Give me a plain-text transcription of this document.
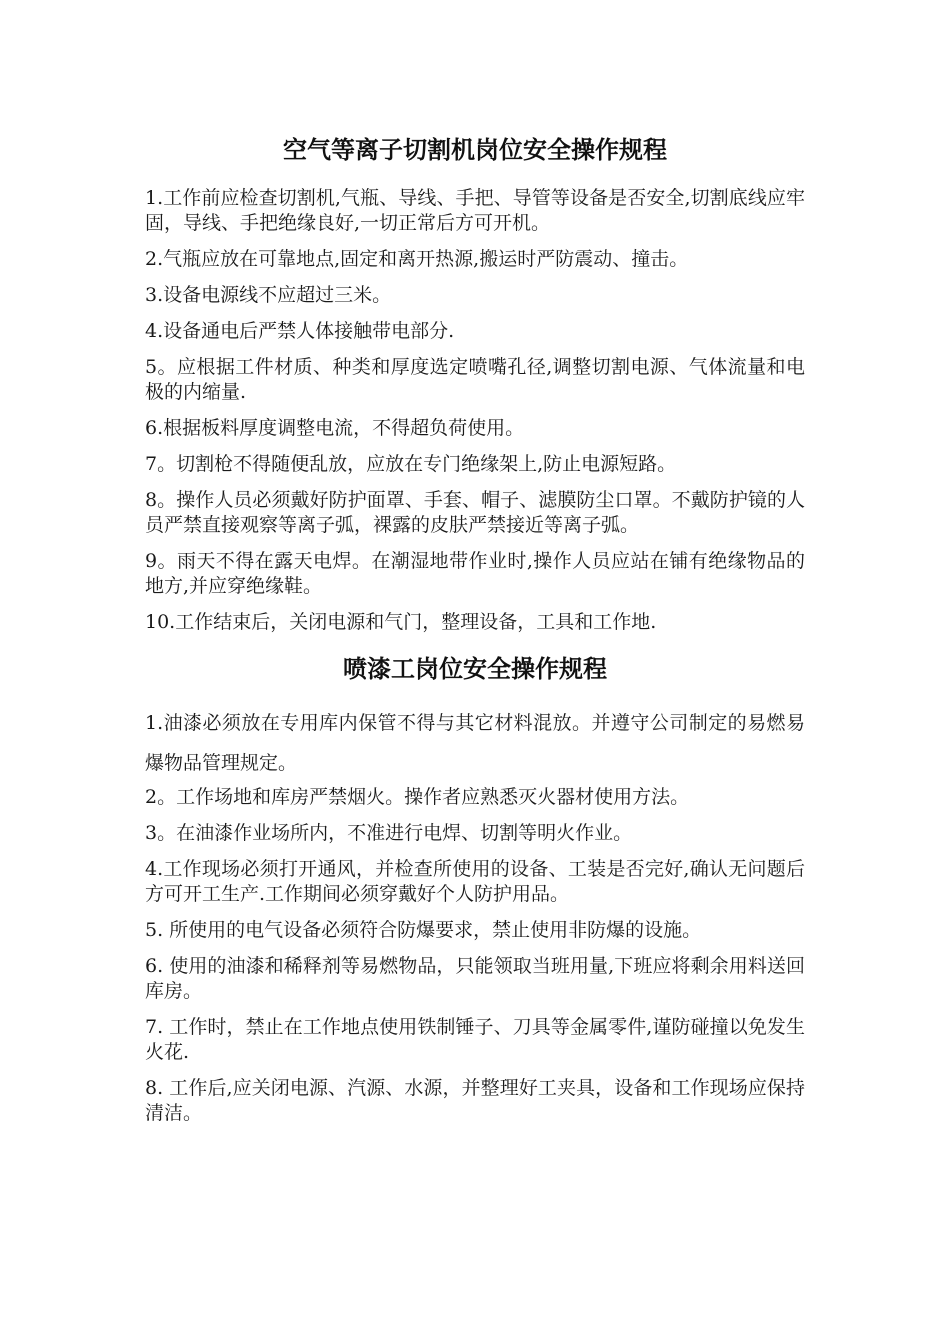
空气等离子切割机岗位安全操作规程

1.工作前应检查切割机,气瓶、导线、手把、导管等设备是否安全,切割底线应牢固，导线、手把绝缘良好,一切正常后方可开机。

2.气瓶应放在可靠地点,固定和离开热源,搬运时严防震动、撞击。

3.设备电源线不应超过三米。

4.设备通电后严禁人体接触带电部分.

5。应根据工件材质、种类和厚度选定喷嘴孔径,调整切割电源、气体流量和电极的内缩量.

6.根据板料厚度调整电流，不得超负荷使用。

7。切割枪不得随便乱放，应放在专门绝缘架上,防止电源短路。

8。操作人员必须戴好防护面罩、手套、帽子、滤膜防尘口罩。不戴防护镜的人员严禁直接观察等离子弧，裸露的皮肤严禁接近等离子弧。

9。雨天不得在露天电焊。在潮湿地带作业时,操作人员应站在铺有绝缘物品的地方,并应穿绝缘鞋。

10.工作结束后，关闭电源和气门，整理设备，工具和工作地.

喷漆工岗位安全操作规程

1.油漆必须放在专用库内保管不得与其它材料混放。并遵守公司制定的易燃易爆物品管理规定。

2。工作场地和库房严禁烟火。操作者应熟悉灭火器材使用方法。

3。在油漆作业场所内，不准进行电焊、切割等明火作业。

4.工作现场必须打开通风，并检查所使用的设备、工装是否完好,确认无问题后方可开工生产.工作期间必须穿戴好个人防护用品。

5. 所使用的电气设备必须符合防爆要求，禁止使用非防爆的设施。

6. 使用的油漆和稀释剂等易燃物品，只能领取当班用量,下班应将剩余用料送回库房。

7. 工作时，禁止在工作地点使用铁制锤子、刀具等金属零件,谨防碰撞以免发生火花.

8. 工作后,应关闭电源、汽源、水源，并整理好工夹具，设备和工作现场应保持清洁。
